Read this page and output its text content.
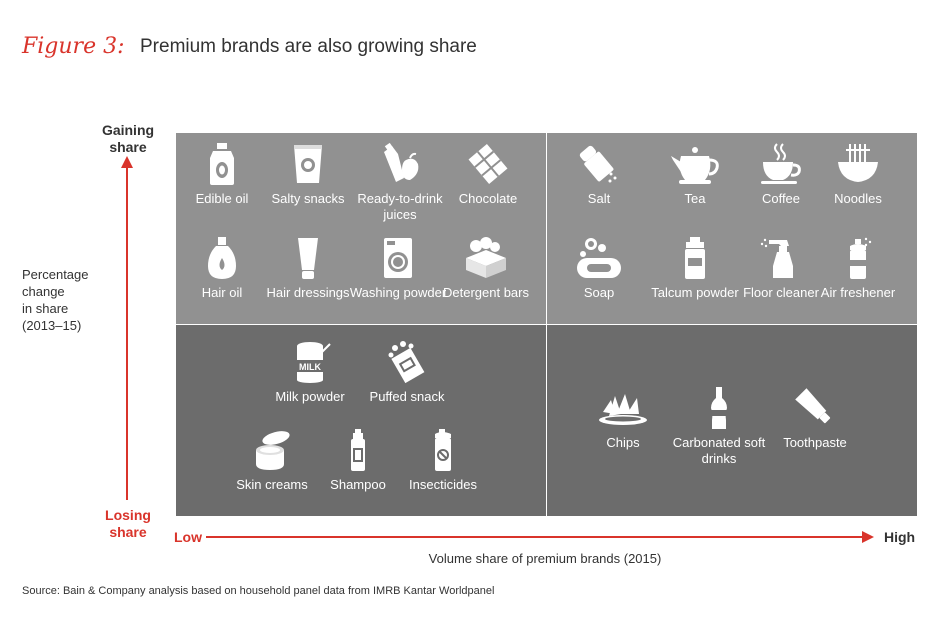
Figure 3: Premium brands are also growing share
Gaining share
Losing share
Percentage
change
in share
(2013–15)
Edible oil	Salty snacks Ready-to-drink juices
Chocolate
Hair oil	Hair dressings Washing powder
Detergent bars
Salt	Tea	Coffee	Noodles
Soap	Talcum powder Floor cleaner Air freshener
MILK
Milk powder	Puffed snack
Skin creams	Shampoo	Insecticides
Chips	Carbonated soft drinks
Toothpaste
Low	High
Volume share of premium brands (2015)
Source: Bain & Company analysis based on household panel data from IMRB Kantar Worldpanel
